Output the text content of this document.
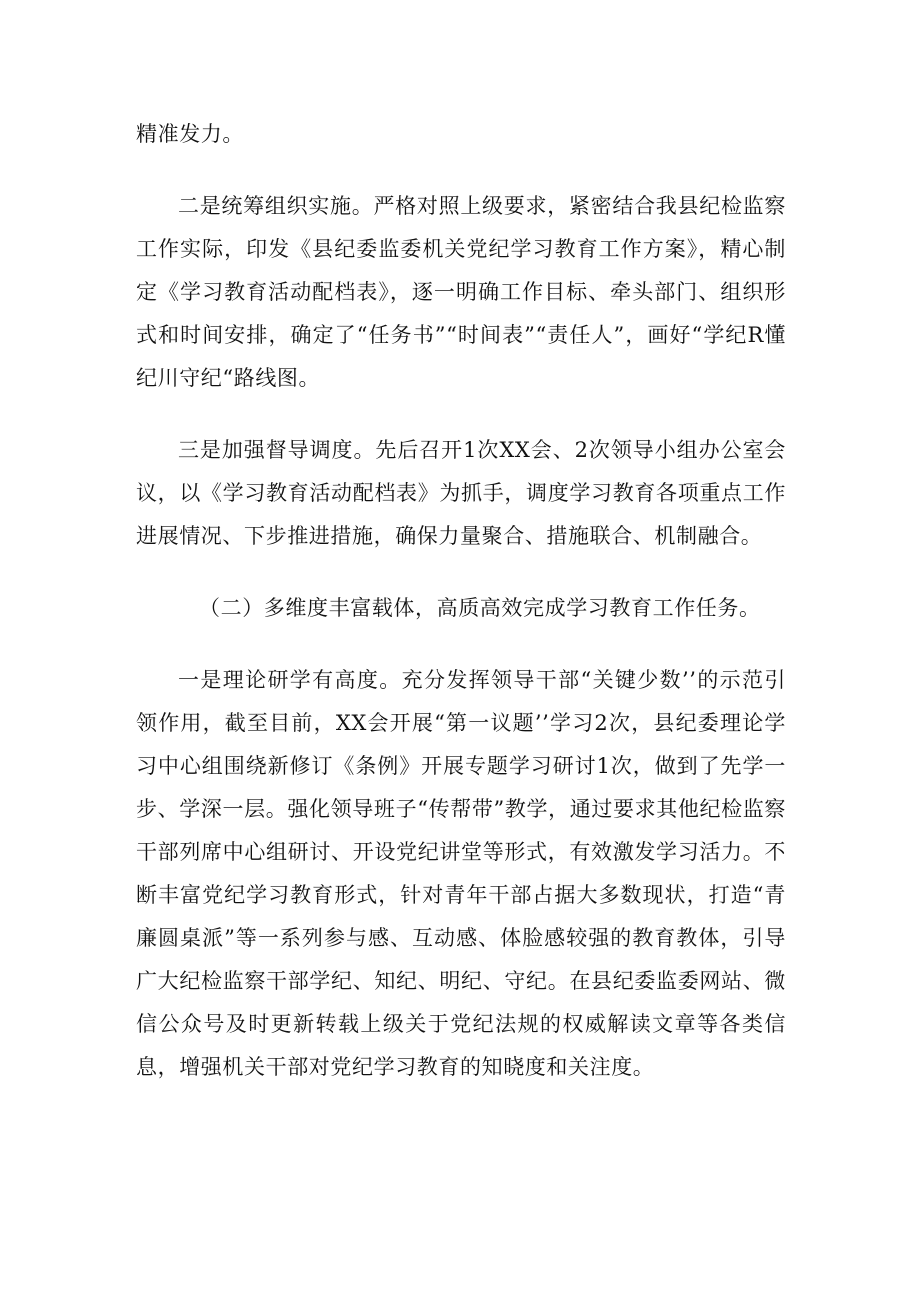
精准发力。

二是统筹组织实施。严格对照上级要求，紧密结合我县纪检监察工作实际，印发《县纪委监委机关党纪学习教育工作方案》，精心制定《学习教育活动配档表》，逐一明确工作目标、牵头部门、组织形式和时间安排，确定了“任务书”“时间表”“责任人”，画好“学纪R懂纪川守纪“路线图。

三是加强督导调度。先后召开1次XX会、2次领导小组办公室会议，以《学习教育活动配档表》为抓手，调度学习教育各项重点工作进展情况、下步推进措施，确保力量聚合、措施联合、机制融合。

（二）多维度丰富载体，高质高效完成学习教育工作任务。

一是理论研学有高度。充分发挥领导干部“关键少数’’的示范引领作用，截至目前，XX会开展“第一议题’’学习2次，县纪委理论学习中心组围绕新修订《条例》开展专题学习研讨1次，做到了先学一步、学深一层。强化领导班子“传帮带”教学，通过要求其他纪检监察干部列席中心组研讨、开设党纪讲堂等形式，有效激发学习活力。不断丰富党纪学习教育形式，针对青年干部占据大多数现状，打造“青廉圆桌派”等一系列参与感、互动感、体脸感较强的教育教体，引导广大纪检监察干部学纪、知纪、明纪、守纪。在县纪委监委网站、微信公众号及时更新转载上级关于党纪法规的权威解读文章等各类信息，增强机关干部对党纪学习教育的知晓度和关注度。
